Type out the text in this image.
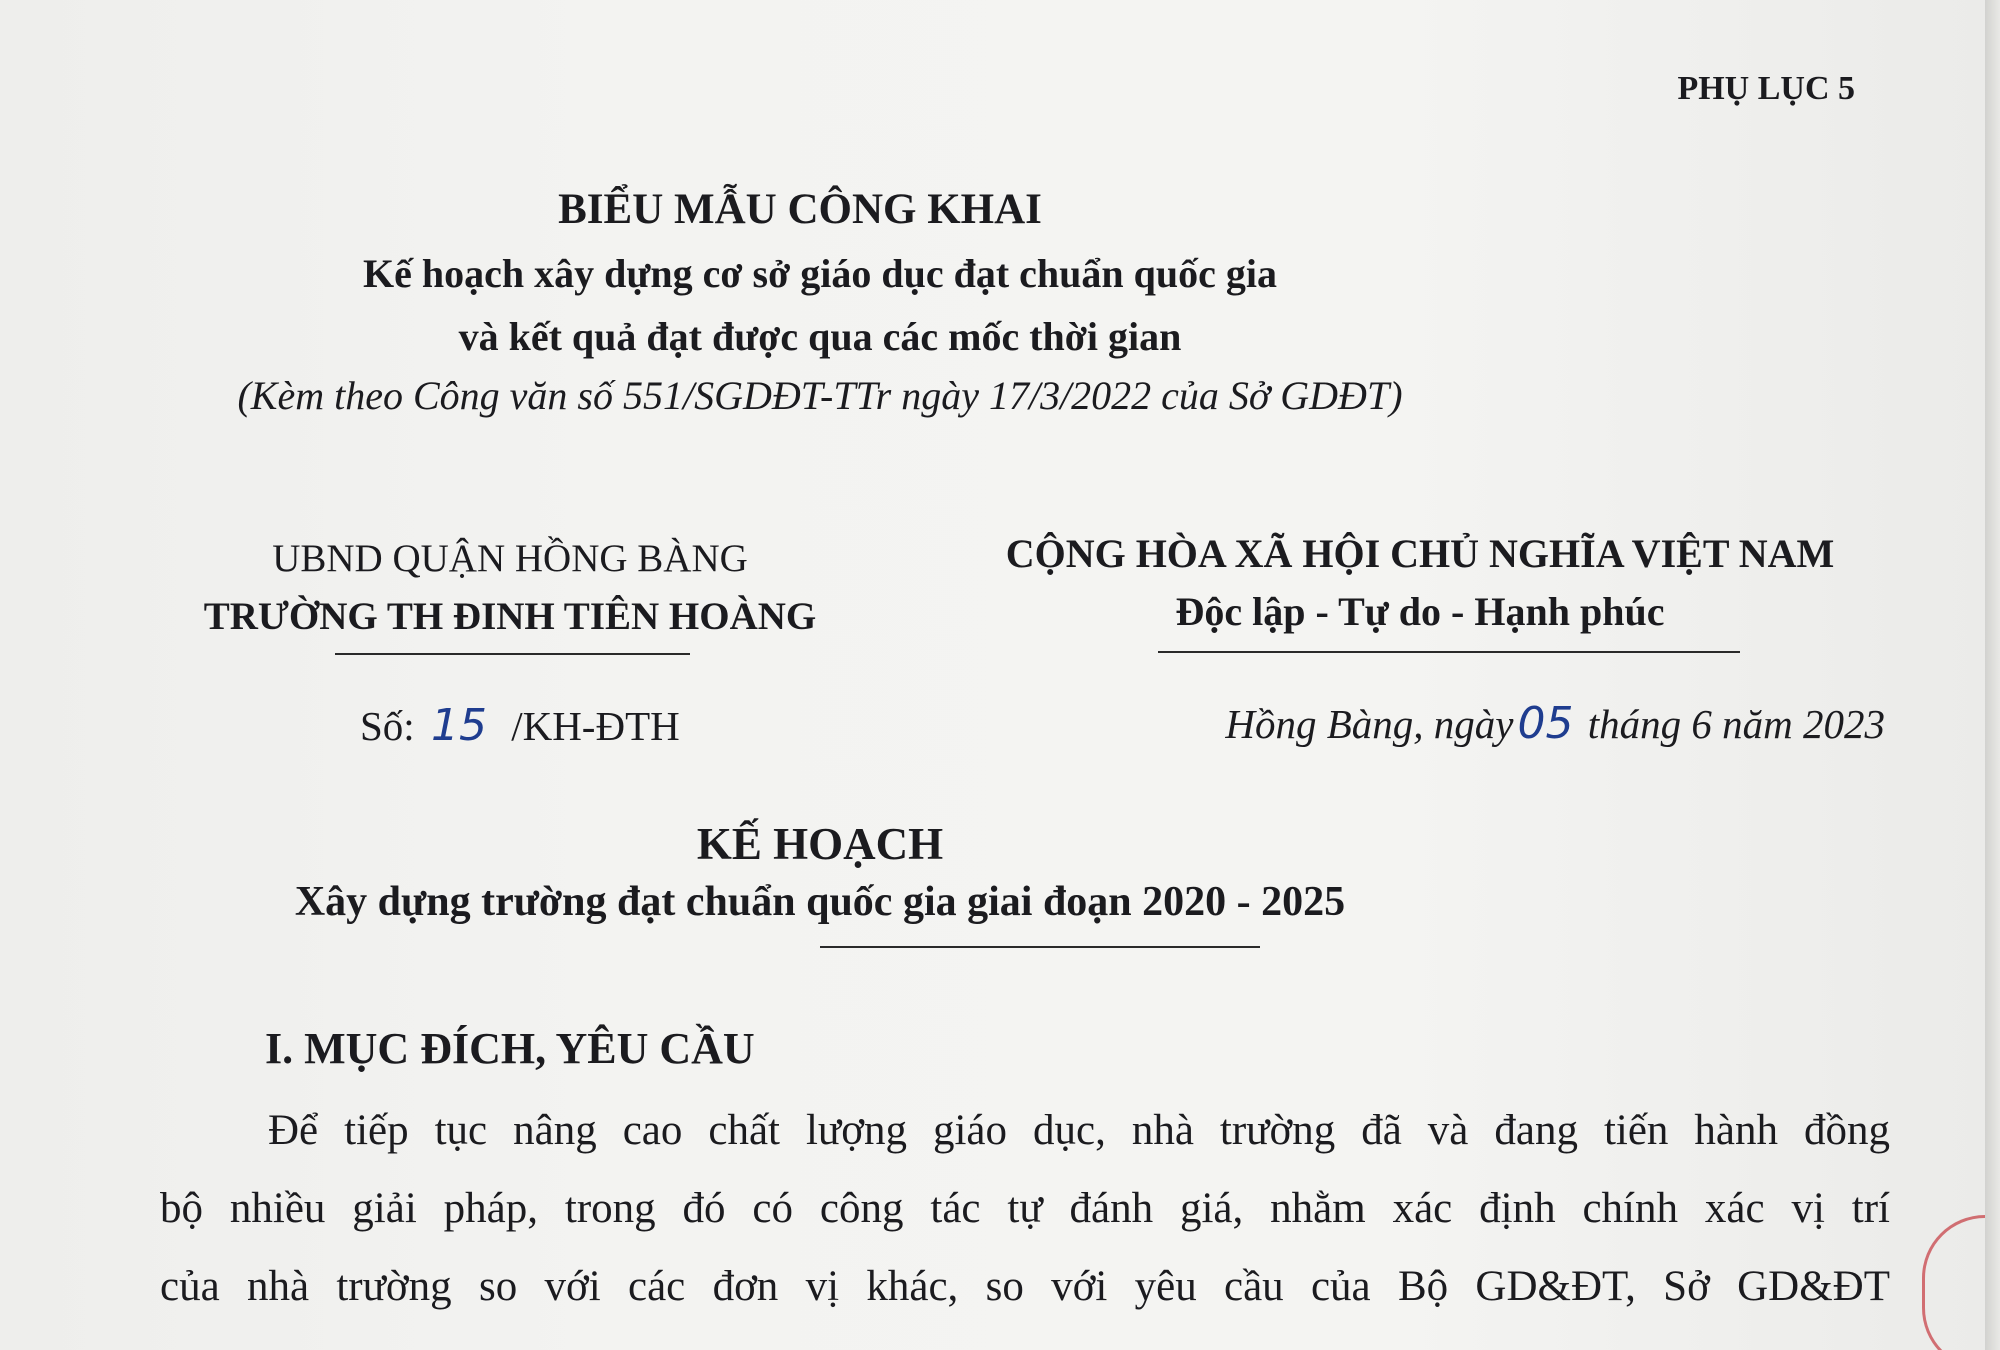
PHỤ LỤC 5
BIỂU MẪU CÔNG KHAI
Kế hoạch xây dựng cơ sở giáo dục đạt chuẩn quốc gia
và kết quả đạt được qua các mốc thời gian
(Kèm theo Công văn số 551/SGDĐT-TTr ngày 17/3/2022 của Sở GDĐT)
UBND QUẬN HỒNG BÀNG
TRƯỜNG TH ĐINH TIÊN HOÀNG
Số: 15 /KH-ĐTH
CỘNG HÒA XÃ HỘI CHỦ NGHĨA VIỆT NAM
Độc lập - Tự do - Hạnh phúc
Hồng Bàng, ngày05 tháng 6 năm 2023
KẾ HOẠCH
Xây dựng trường đạt chuẩn quốc gia giai đoạn 2020 - 2025
I. MỤC ĐÍCH, YÊU CẦU
Để tiếp tục nâng cao chất lượng giáo dục, nhà trường đã và đang tiến hành đồng
bộ nhiều giải pháp, trong đó có công tác tự đánh giá, nhằm xác định chính xác vị trí
của nhà trường so với các đơn vị khác, so với yêu cầu của Bộ GD&ĐT, Sở GD&ĐT
